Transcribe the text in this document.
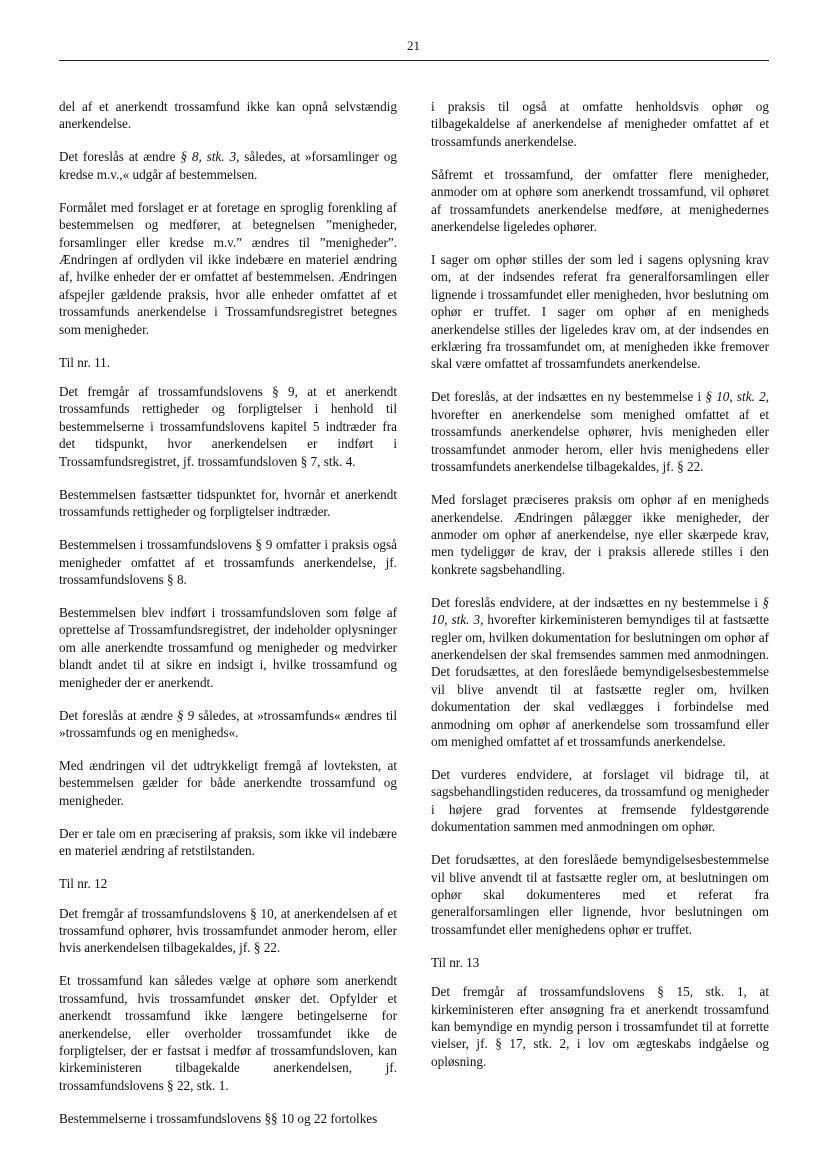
21

del af et anerkendt trossamfund ikke kan opnå selvstændig anerkendelse.

Det foreslås at ændre § 8, stk. 3, således, at »forsamlinger og kredse m.v.,« udgår af bestemmelsen.

Formålet med forslaget er at foretage en sproglig forenkling af bestemmelsen og medfører, at betegnelsen ”menigheder, forsamlinger eller kredse m.v.” ændres til ”menigheder”. Ændringen af ordlyden vil ikke indebære en materiel ændring af, hvilke enheder der er omfattet af bestemmelsen. Ændringen afspejler gældende praksis, hvor alle enheder omfattet af et trossamfunds anerkendelse i Trossamfundsregistret betegnes som menigheder.

Til nr. 11.

Det fremgår af trossamfundslovens § 9, at et anerkendt trossamfunds rettigheder og forpligtelser i henhold til bestemmelserne i trossamfundslovens kapitel 5 indtræder fra det tidspunkt, hvor anerkendelsen er indført i Trossamfundsregistret, jf. trossamfundsloven § 7, stk. 4.

Bestemmelsen fastsætter tidspunktet for, hvornår et anerkendt trossamfunds rettigheder og forpligtelser indtræder.

Bestemmelsen i trossamfundslovens § 9 omfatter i praksis også menigheder omfattet af et trossamfunds anerkendelse, jf. trossamfundslovens § 8.

Bestemmelsen blev indført i trossamfundsloven som følge af oprettelse af Trossamfundsregistret, der indeholder oplysninger om alle anerkendte trossamfund og menigheder og medvirker blandt andet til at sikre en indsigt i, hvilke trossamfund og menigheder der er anerkendt.

Det foreslås at ændre § 9 således, at »trossamfunds« ændres til »trossamfunds og en menigheds«.

Med ændringen vil det udtrykkeligt fremgå af lovteksten, at bestemmelsen gælder for både anerkendte trossamfund og menigheder.

Der er tale om en præcisering af praksis, som ikke vil indebære en materiel ændring af retstilstanden.

Til nr. 12

Det fremgår af trossamfundslovens § 10, at anerkendelsen af et trossamfund ophører, hvis trossamfundet anmoder herom, eller hvis anerkendelsen tilbagekaldes, jf. § 22.

Et trossamfund kan således vælge at ophøre som anerkendt trossamfund, hvis trossamfundet ønsker det. Opfylder et anerkendt trossamfund ikke længere betingelserne for anerkendelse, eller overholder trossamfundet ikke de forpligtelser, der er fastsat i medfør af trossamfundsloven, kan kirkeministeren tilbagekalde anerkendelsen, jf. trossamfundslovens § 22, stk. 1.

Bestemmelserne i trossamfundslovens §§ 10 og 22 fortolkes

i praksis til også at omfatte henholdsvis ophør og tilbagekaldelse af anerkendelse af menigheder omfattet af et trossamfunds anerkendelse.

Såfremt et trossamfund, der omfatter flere menigheder, anmoder om at ophøre som anerkendt trossamfund, vil ophøret af trossamfundets anerkendelse medføre, at menighedernes anerkendelse ligeledes ophører.

I sager om ophør stilles der som led i sagens oplysning krav om, at der indsendes referat fra generalforsamlingen eller lignende i trossamfundet eller menigheden, hvor beslutning om ophør er truffet. I sager om ophør af en menigheds anerkendelse stilles der ligeledes krav om, at der indsendes en erklæring fra trossamfundet om, at menigheden ikke fremover skal være omfattet af trossamfundets anerkendelse.

Det foreslås, at der indsættes en ny bestemmelse i § 10, stk. 2, hvorefter en anerkendelse som menighed omfattet af et trossamfunds anerkendelse ophører, hvis menigheden eller trossamfundet anmoder herom, eller hvis menighedens eller trossamfundets anerkendelse tilbagekaldes, jf. § 22.

Med forslaget præciseres praksis om ophør af en menigheds anerkendelse. Ændringen pålægger ikke menigheder, der anmoder om ophør af anerkendelse, nye eller skærpede krav, men tydeliggør de krav, der i praksis allerede stilles i den konkrete sagsbehandling.

Det foreslås endvidere, at der indsættes en ny bestemmelse i § 10, stk. 3, hvorefter kirkeministeren bemyndiges til at fastsætte regler om, hvilken dokumentation for beslutningen om ophør af anerkendelsen der skal fremsendes sammen med anmodningen. Det forudsættes, at den foreslåede bemyndigelsesbestemmelse vil blive anvendt til at fastsætte regler om, hvilken dokumentation der skal vedlægges i forbindelse med anmodning om ophør af anerkendelse som trossamfund eller om menighed omfattet af et trossamfunds anerkendelse.

Det vurderes endvidere, at forslaget vil bidrage til, at sagsbehandlingstiden reduceres, da trossamfund og menigheder i højere grad forventes at fremsende fyldestgørende dokumentation sammen med anmodningen om ophør.

Det forudsættes, at den foreslåede bemyndigelsesbestemmelse vil blive anvendt til at fastsætte regler om, at beslutningen om ophør skal dokumenteres med et referat fra generalforsamlingen eller lignende, hvor beslutningen om trossamfundet eller menighedens ophør er truffet.

Til nr. 13

Det fremgår af trossamfundslovens § 15, stk. 1, at kirkeministeren efter ansøgning fra et anerkendt trossamfund kan bemyndige en myndig person i trossamfundet til at forrette vielser, jf. § 17, stk. 2, i lov om ægteskabs indgåelse og opløsning.
